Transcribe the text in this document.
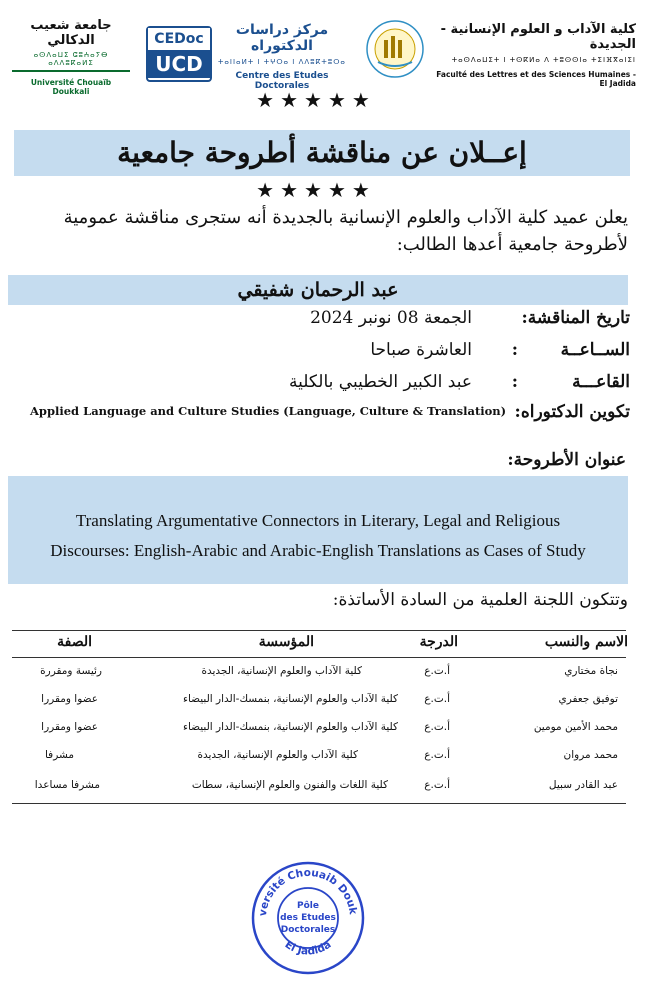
جامعة شعيب الدكالي
ⴰⵙⴷⴰⵡⵉ ⵛⵓⵄⴰⵢⴱ ⴰⴷⴷⵓⴽⴰⵍⵉ
Université Chouaïb Doukkali
CEDoc
UCD
مركز دراسات الدكتوراه
ⵜⴰⵏⵏⴰⵍⵜ ⵏ ⵜⵖⵔⴰ ⵏ ⴷⴷⵓⴽⵜⵓⵔⴰ
Centre des Etudes Doctorales
كلية الآداب و العلوم الإنسانية - الجديدة
ⵜⴰⵙⴷⴰⵡⵉⵜ ⵏ ⵜⵙⴽⵍⴰ ⴷ ⵜⵓⵙⵙⵏⴰ ⵜⵉⵏⴼⴳⴰⵏⵉⵏ
Faculté des Lettres et des Sciences Humaines - El Jadida
★★★★★
إعــلان عن مناقشة أطروحة جامعية
★★★★★
يعلن عميد كلية الآداب والعلوم الإنسانية بالجديدة أنه ستجرى مناقشة عمومية
لأطروحة جامعية أعدها الطالب:
عبد الرحمان شفيقي
تاريخ المناقشة:
الجمعة 08 نونبر 2024
الســاعــة
:
العاشرة صباحا
القاعـــة
:
عبد الكبير الخطيبي بالكلية
تكوين الدكتوراه:
Applied Language and Culture Studies (Language, Culture & Translation)
عنوان الأطروحة:
Translating Argumentative Connectors in Literary, Legal and Religious
Discourses: English-Arabic and Arabic-English Translations as Cases of Study
وتتكون اللجنة العلمية من السادة الأساتذة:
الاسم والنسب
الدرجة
المؤسسة
الصفة
نجاة مختاري
أ.ت.ع
كلية الآداب والعلوم الإنسانية، الجديدة
رئيسة ومقررة
توفيق جعفري
أ.ت.ع
كلية الآداب والعلوم الإنسانية، بنمسك-الدار البيضاء
عضوا ومقررا
محمد الأمين مومين
أ.ت.ع
كلية الآداب والعلوم الإنسانية، بنمسك-الدار البيضاء
عضوا ومقررا
محمد مروان
أ.ت.ع
كلية الآداب والعلوم الإنسانية، الجديدة
مشرفا
عبد القادر سبيل
أ.ت.ع
كلية اللغات والفنون والعلوم الإنسانية، سطات
مشرفا مساعدا
versité Chouaib Douk
El Jadida
Pôle
des Etudes
Doctorales
